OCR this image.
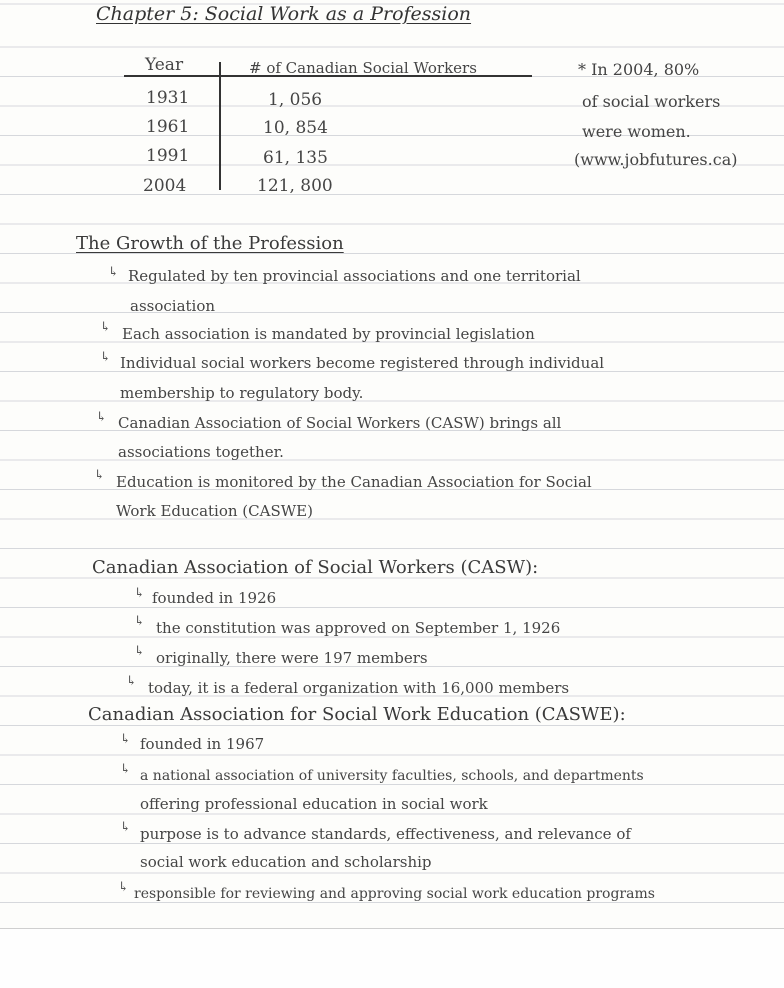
Chapter 5: Social Work as a Profession
Year	# of Canadian Social Workers
1931	1, 056
1961	10, 854
1991	61, 135
2004	121, 800
* In 2004, 80%
of social workers
were women.
(www.jobfutures.ca)
The Growth of the Profession
↳ Regulated by ten provincial associations and one territorial
association
↳ Each association is mandated by provincial legislation
↳ Individual social workers become registered through individual
membership to regulatory body.
↳ Canadian Association of Social Workers (CASW) brings all
associations together.
↳ Education is monitored by the Canadian Association for Social
Work Education (CASWE)
Canadian Association of Social Workers (CASW):
↳ founded in 1926
↳ the constitution was approved on September 1, 1926
↳ originally, there were 197 members
↳ today, it is a federal organization with 16,000 members
Canadian Association for Social Work Education (CASWE):
↳ founded in 1967
↳ a national association of university faculties, schools, and departments
offering professional education in social work
↳ purpose is to advance standards, effectiveness, and relevance of
social work education and scholarship
↳ responsible for reviewing and approving social work education programs
